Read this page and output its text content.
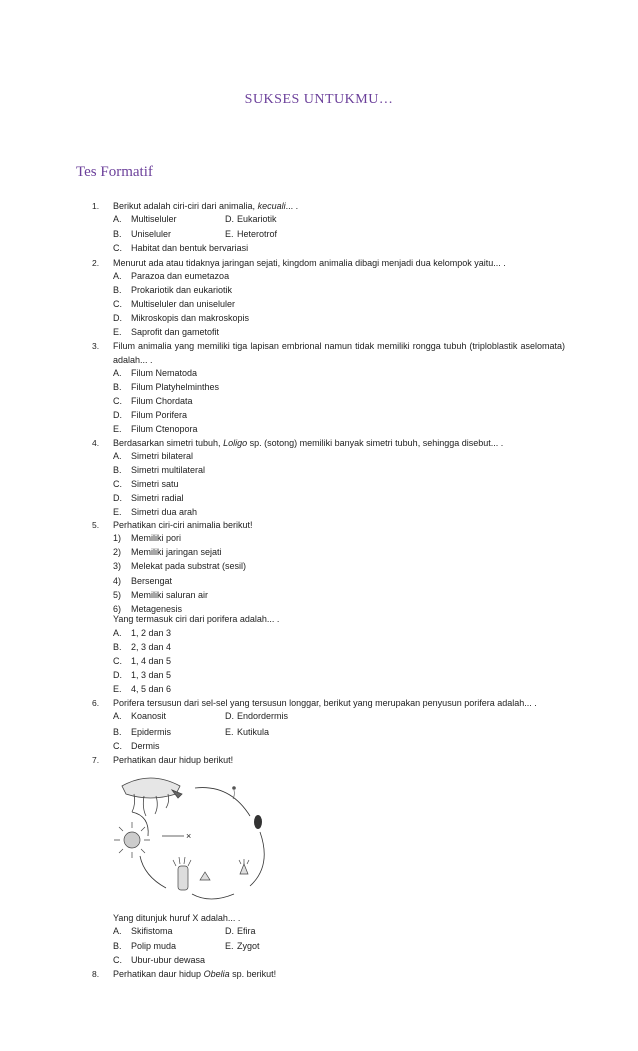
SUKSES UNTUKMU…
Tes Formatif
1.	Berikut adalah ciri-ciri dari animalia, kecuali... .
A.	Multiseluler	D. Eukariotik
B.	Uniseluler	E. Heterotrof
C.	Habitat dan bentuk bervariasi
2.	Menurut ada atau tidaknya jaringan sejati, kingdom animalia dibagi menjadi dua kelompok yaitu... .
A.	Parazoa dan eumetazoa
B.	Prokariotik dan eukariotik
C.	Multiseluler dan uniseluler
D.	Mikroskopis dan makroskopis
E.	Saprofit dan gametofit
3.	Filum animalia yang memiliki tiga lapisan embrional namun tidak memiliki rongga tubuh (triploblastik aselomata)
adalah... .
A.	Filum Nematoda
B.	Filum Platyhelminthes
C.	Filum Chordata
D.	Filum Porifera
E.	Filum Ctenopora
4.	Berdasarkan simetri tubuh, Loligo sp. (sotong) memiliki banyak simetri tubuh, sehingga disebut... .
A.	Simetri bilateral
B.	Simetri multilateral
C.	Simetri satu
D.	Simetri radial
E.	Simetri dua arah
5.	Perhatikan ciri-ciri animalia berikut!
1)	Memiliki pori
2)	Memiliki jaringan sejati
3)	Melekat pada substrat (sesil)
4)	Bersengat
5)	Memiliki saluran air
6)	Metagenesis
Yang termasuk ciri dari porifera adalah... .
A.	1, 2 dan 3
B.	2, 3 dan 4
C.	1, 4 dan 5
D.	1, 3 dan 5
E.	4, 5 dan 6
6.	Porifera tersusun dari sel-sel yang tersusun longgar, berikut yang merupakan penyusun porifera adalah... .
A.	Koanosit	D. Endordermis
B.	Epidermis	E. Kutikula
C.	Dermis
7.	Perhatikan daur hidup berikut!
×
Yang ditunjuk huruf X adalah... .
A.	Skifistoma	D. Efira
B.	Polip muda	E. Zygot
C.	Ubur-ubur dewasa
8.	Perhatikan daur hidup Obelia sp. berikut!
